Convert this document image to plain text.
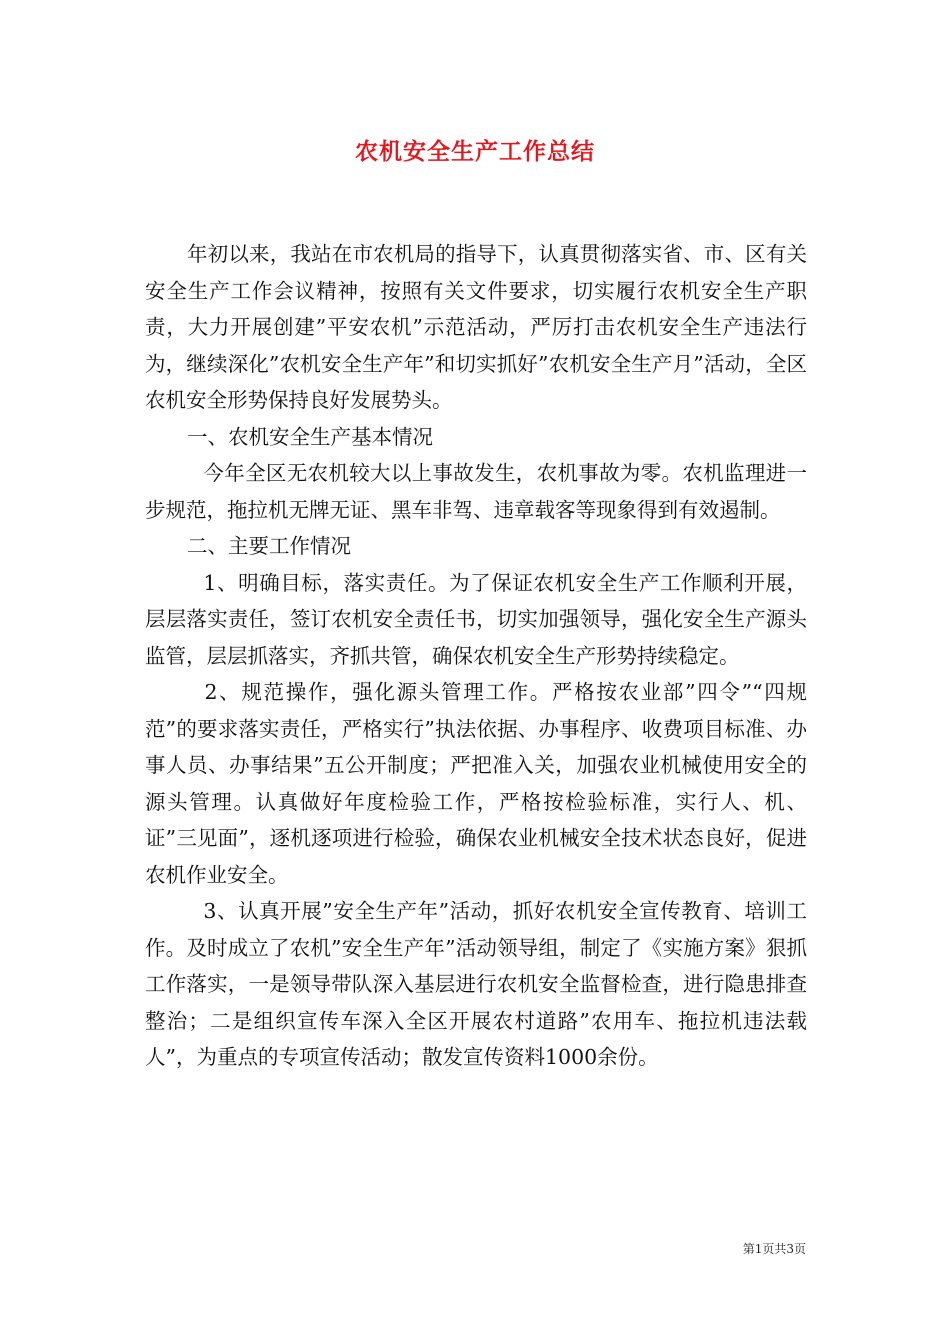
农机安全生产工作总结

年初以来，我站在市农机局的指导下，认真贯彻落实省、市、区有关安全生产工作会议精神，按照有关文件要求，切实履行农机安全生产职责，大力开展创建”平安农机”示范活动，严厉打击农机安全生产违法行为，继续深化”农机安全生产年”和切实抓好”农机安全生产月”活动，全区农机安全形势保持良好发展势头。

一、农机安全生产基本情况

今年全区无农机较大以上事故发生，农机事故为零。农机监理进一步规范，拖拉机无牌无证、黑车非驾、违章载客等现象得到有效遏制。

二、主要工作情况

1、明确目标，落实责任。为了保证农机安全生产工作顺利开展，层层落实责任，签订农机安全责任书，切实加强领导，强化安全生产源头监管，层层抓落实，齐抓共管，确保农机安全生产形势持续稳定。

2、规范操作，强化源头管理工作。严格按农业部”四令”“四规范”的要求落实责任，严格实行”执法依据、办事程序、收费项目标准、办事人员、办事结果”五公开制度；严把准入关，加强农业机械使用安全的源头管理。认真做好年度检验工作，严格按检验标准，实行人、机、证”三见面”，逐机逐项进行检验，确保农业机械安全技术状态良好，促进农机作业安全。

3、认真开展”安全生产年”活动，抓好农机安全宣传教育、培训工作。及时成立了农机”安全生产年”活动领导组，制定了《实施方案》狠抓工作落实，一是领导带队深入基层进行农机安全监督检查，进行隐患排查整治；二是组织宣传车深入全区开展农村道路”农用车、拖拉机违法载人”，为重点的专项宣传活动；散发宣传资料1000余份。

第1页共3页
